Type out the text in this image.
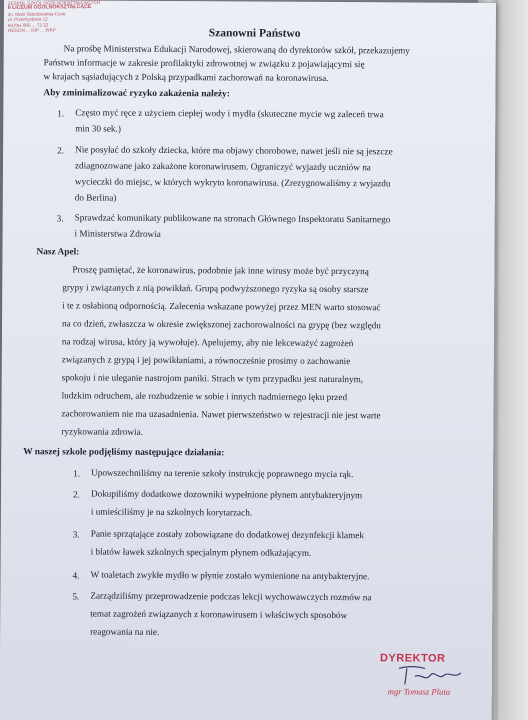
ZESPÓŁ SZKÓŁ OGÓLNOKSZTAŁCĄCYCH
II LICEUM OGÓLNOKSZTAŁCĄCE
im. Marii Skłodowskiej-Curie
ul. Przemysłowa 12
tel./fax 065 ... 72 22
REGON ... NIP ... WKP	Szanowni Państwo
Na prośbę Ministerstwa Edukacji Narodowej, skierowaną do dyrektorów szkół, przekazujemy
Państwu informacje w zakresie profilaktyki zdrowotnej w związku z pojawiającymi się
w krajach sąsiadujących z Polską przypadkami zachorowań na koronawirusa.
Aby zminimalizować ryzyko zakażenia należy:
1. Często myć ręce z użyciem ciepłej wody i mydła (skuteczne mycie wg zaleceń trwa
min 30 sek.)
2. Nie posyłać do szkoły dziecka, które ma objawy chorobowe, nawet jeśli nie są jeszcze
zdiagnozowane jako zakażone koronawirusem. Ograniczyć wyjazdy uczniów na
wycieczki do miejsc, w których wykryto koronawirusa. (Zrezygnowaliśmy z wyjazdu
do Berlina)
3. Sprawdzać komunikaty publikowane na stronach Głównego Inspektoratu Sanitarnego
i Ministerstwa Zdrowia
Nasz Apel:
Proszę pamiętać, że koronawirus, podobnie jak inne wirusy może być przyczyną
grypy i związanych z nią powikłań. Grupą podwyższonego ryzyka są osoby starsze
i te z osłabioną odpornością. Zalecenia wskazane powyżej przez MEN warto stosować
na co dzień, zwłaszcza w okresie zwiększonej zachorowalności na grypę (bez względu
na rodzaj wirusa, który ją wywołuje). Apelujemy, aby nie lekceważyć zagrożeń
związanych z grypą i jej powikłaniami, a równocześnie prosimy o zachowanie
spokoju i nie uleganie nastrojom paniki. Strach w tym przypadku jest naturalnym,
ludzkim odruchem, ale rozbudzenie w sobie i innych nadmiernego lęku przed
zachorowaniem nie ma uzasadnienia. Nawet pierwszeństwo w rejestracji nie jest warte
ryzykowania zdrowia.
W naszej szkole podjęliśmy następujące działania:
1. Upowszechniliśmy na terenie szkoły instrukcję poprawnego mycia rąk.
2. Dokupiliśmy dodatkowe dozowniki wypełnione płynem antybakteryjnym
i umieściliśmy je na szkolnych korytarzach.
3. Panie sprzątające zostały zobowiązane do dodatkowej dezynfekcji klamek
i blatów ławek szkolnych specjalnym płynem odkażającym.
4. W toaletach zwykłe mydło w płynie zostało wymienione na antybakteryjne.
5. Zarządziliśmy przeprowadzenie podczas lekcji wychowawczych rozmów na
temat zagrożeń związanych z koronawirusem i właściwych sposobów
reagowania na nie.
DYREKTOR
mgr Tomasz Pluta
